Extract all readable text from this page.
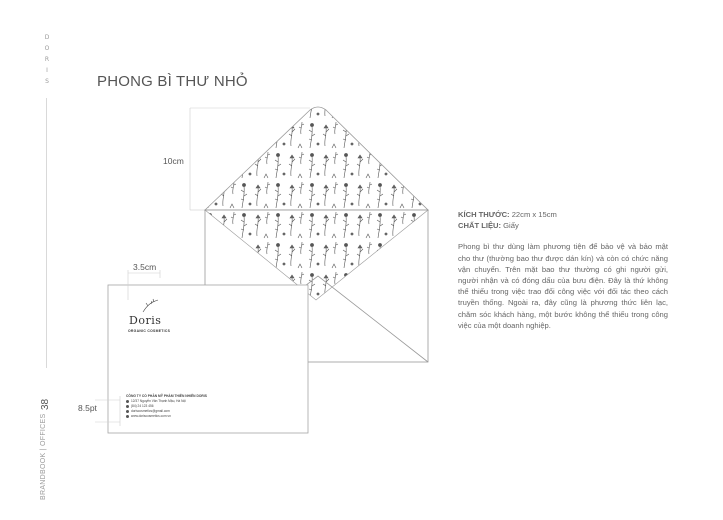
D
O
R
I
S
BRANDBOOK | OFFICES
38
PHONG BÌ THƯ NHỎ
10cm
3.5cm
8.5pt
Doris
ORGANIC COSMETICS
CÔNG TY CỔ PHẦN MỸ PHẨM THIÊN NHIÊN DORIS
12/37 Nguyễn Văn Thạnh Mậu, Hà Nội
(84) 24 123 456
doriscosmetics@gmail.com
www.doriscosmetics.com.vn
KÍCH THƯỚC: 22cm x 15cm
CHẤT LIỆU: Giấy

Phong bì thư dùng làm phương tiện để bảo vệ và bảo mật cho thư (thường bao thư được dán kín) và còn có chức năng vận chuyển. Trên mặt bao thư thường có ghi người gửi, người nhận và có đóng dấu của bưu điện. Đây là thứ không thể thiếu trong việc trao đổi công việc với đối tác theo cách truyền thống. Ngoài ra, đây cũng là phương thức liên lạc, chăm sóc khách hàng, một bước không thể thiếu trong công việc của một doanh nghiệp.
